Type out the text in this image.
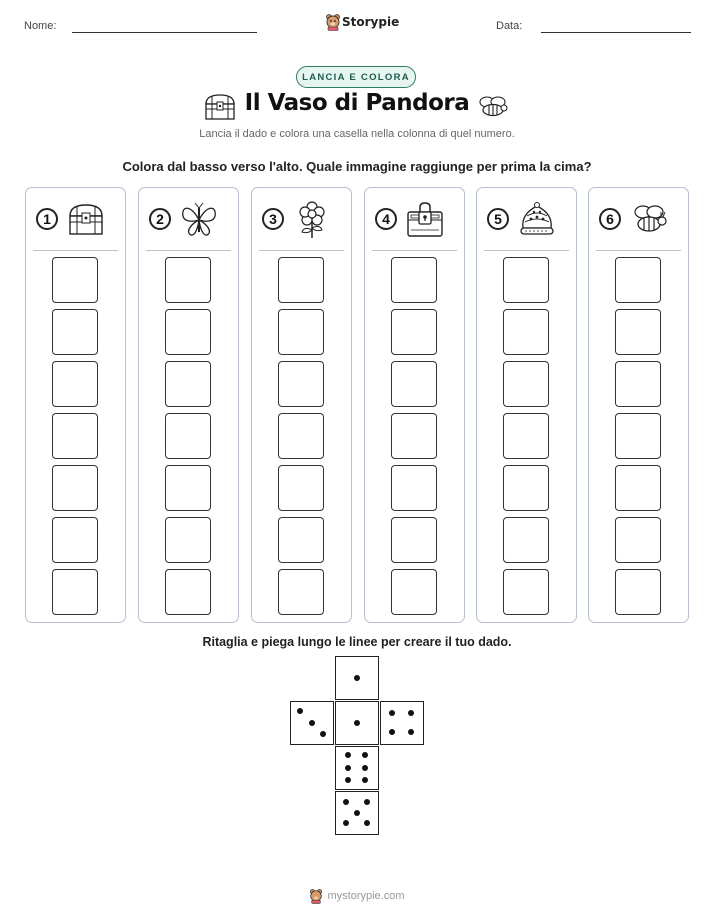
Nome:	Storypie	Data:
LANCIA E COLORA
Il Vaso di Pandora
Lancia il dado e colora una casella nella colonna di quel numero.
Colora dal basso verso l'alto. Quale immagine raggiunge per prima la cima?
1	2	3	4	5	6
Ritaglia e piega lungo le linee per creare il tuo dado.
mystorypie.com
